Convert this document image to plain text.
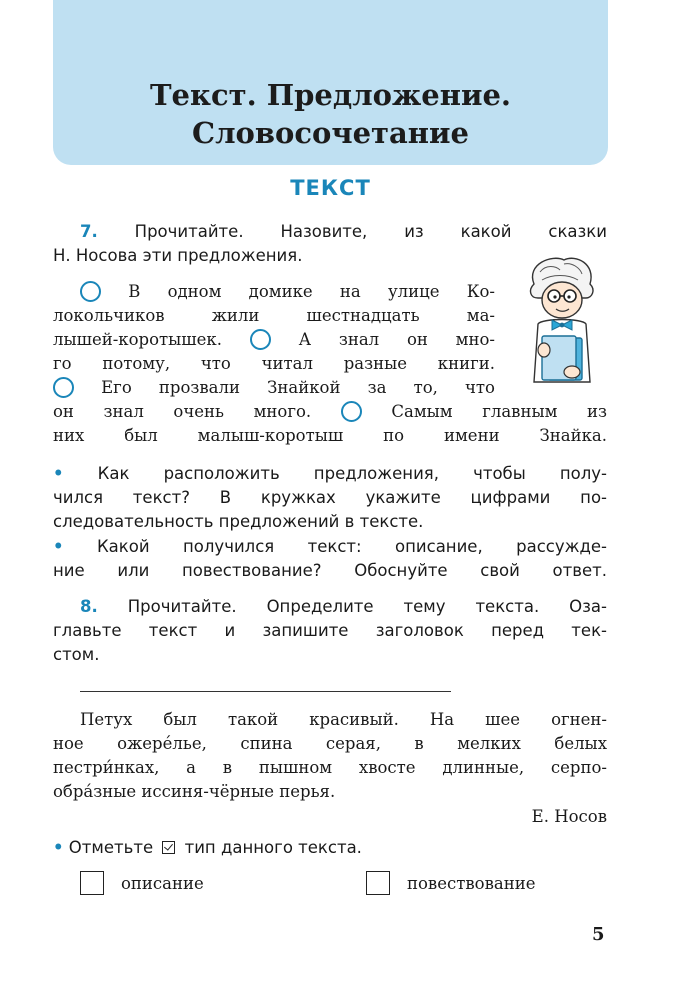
Текст. Предложение.
Словосочетание
ТЕКСТ
7. Прочитайте. Назовите, из какой сказки
Н. Носова эти предложения.
В одном домике на улице Ко-
локольчиков жили шестнадцать ма-
лышей-коротышек.	А знал он мно-
го потому, что читал разные книги.
Его прозвали Знайкой за то, что
он знал очень много.	Самым главным из
них был малыш-коротыш по имени Знайка.
• Как расположить предложения, чтобы полу-
чился текст? В кружках укажите цифрами по-
следовательность предложений в тексте.
• Какой получился текст: описание, рассужде-
ние или повествование? Обоснуйте свой ответ.
8. Прочитайте. Определите тему текста. Оза-
главьте текст и запишите заголовок перед тек-
стом.
Петух был такой красивый. На шее огнен-
ное ожерéлье, спина серая, в мелких белых
пестри́нках, а в пышном хвосте длинные, серпо-
обра́зные иссиня-чёрные перья.
Е. Носов
• Отметьте тип данного текста.
описание	повествование
5
